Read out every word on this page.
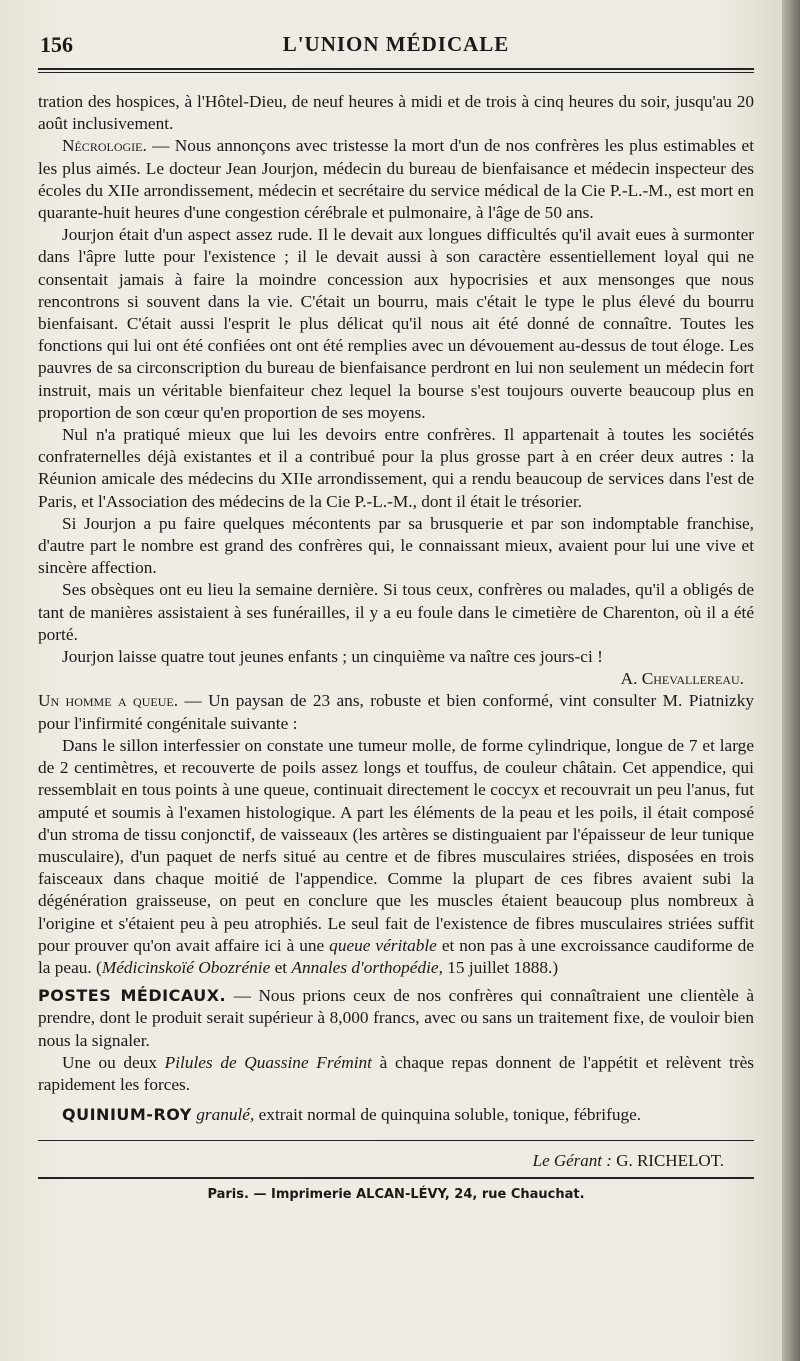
156	L'UNION MÉDICALE

tration des hospices, à l'Hôtel-Dieu, de neuf heures à midi et de trois à cinq heures du soir, jusqu'au 20 août inclusivement.

Nécrologie. — Nous annonçons avec tristesse la mort d'un de nos confrères les plus estimables et les plus aimés. Le docteur Jean Jourjon, médecin du bureau de bienfaisance et médecin inspecteur des écoles du XIIe arrondissement, médecin et secrétaire du service médical de la Cie P.-L.-M., est mort en quarante-huit heures d'une congestion cérébrale et pulmonaire, à l'âge de 50 ans.

Jourjon était d'un aspect assez rude. Il le devait aux longues difficultés qu'il avait eues à surmonter dans l'âpre lutte pour l'existence ; il le devait aussi à son caractère essentiellement loyal qui ne consentait jamais à faire la moindre concession aux hypocrisies et aux mensonges que nous rencontrons si souvent dans la vie. C'était un bourru, mais c'était le type le plus élevé du bourru bienfaisant. C'était aussi l'esprit le plus délicat qu'il nous ait été donné de connaître. Toutes les fonctions qui lui ont été confiées ont ont été remplies avec un dévouement au-dessus de tout éloge. Les pauvres de sa circonscription du bureau de bienfaisance perdront en lui non seulement un médecin fort instruit, mais un véritable bienfaiteur chez lequel la bourse s'est toujours ouverte beaucoup plus en proportion de son cœur qu'en proportion de ses moyens.

Nul n'a pratiqué mieux que lui les devoirs entre confrères. Il appartenait à toutes les sociétés confraternelles déjà existantes et il a contribué pour la plus grosse part à en créer deux autres : la Réunion amicale des médecins du XIIe arrondissement, qui a rendu beaucoup de services dans l'est de Paris, et l'Association des médecins de la Cie P.-L.-M., dont il était le trésorier.

Si Jourjon a pu faire quelques mécontents par sa brusquerie et par son indomptable franchise, d'autre part le nombre est grand des confrères qui, le connaissant mieux, avaient pour lui une vive et sincère affection.

Ses obsèques ont eu lieu la semaine dernière. Si tous ceux, confrères ou malades, qu'il a obligés de tant de manières assistaient à ses funérailles, il y a eu foule dans le cimetière de Charenton, où il a été porté.

Jourjon laisse quatre tout jeunes enfants ; un cinquième va naître ces jours-ci !

A. Chevallereau.

Un homme a queue. — Un paysan de 23 ans, robuste et bien conformé, vint consulter M. Piatnizky pour l'infirmité congénitale suivante :

Dans le sillon interfessier on constate une tumeur molle, de forme cylindrique, longue de 7 et large de 2 centimètres, et recouverte de poils assez longs et touffus, de couleur châtain. Cet appendice, qui ressemblait en tous points à une queue, continuait directement le coccyx et recouvrait un peu l'anus, fut amputé et soumis à l'examen histologique. A part les éléments de la peau et les poils, il était composé d'un stroma de tissu conjonctif, de vaisseaux (les artères se distinguaient par l'épaisseur de leur tunique musculaire), d'un paquet de nerfs situé au centre et de fibres musculaires striées, disposées en trois faisceaux dans chaque moitié de l'appendice. Comme la plupart de ces fibres avaient subi la dégénération graisseuse, on peut en conclure que les muscles étaient beaucoup plus nombreux à l'origine et s'étaient peu à peu atrophiés. Le seul fait de l'existence de fibres musculaires striées suffit pour prouver qu'on avait affaire ici à une queue véritable et non pas à une excroissance caudiforme de la peau. (Médicinskoïé Obozrénie et Annales d'orthopédie, 15 juillet 1888.)

POSTES MÉDICAUX. — Nous prions ceux de nos confrères qui connaîtraient une clientèle à prendre, dont le produit serait supérieur à 8,000 francs, avec ou sans un traitement fixe, de vouloir bien nous la signaler.

Une ou deux Pilules de Quassine Frémint à chaque repas donnent de l'appétit et relèvent très rapidement les forces.

QUINIUM-ROY granulé, extrait normal de quinquina soluble, tonique, fébrifuge.

Le Gérant : G. RICHELOT.
Paris. — Imprimerie ALCAN-LÉVY, 24, rue Chauchat.
